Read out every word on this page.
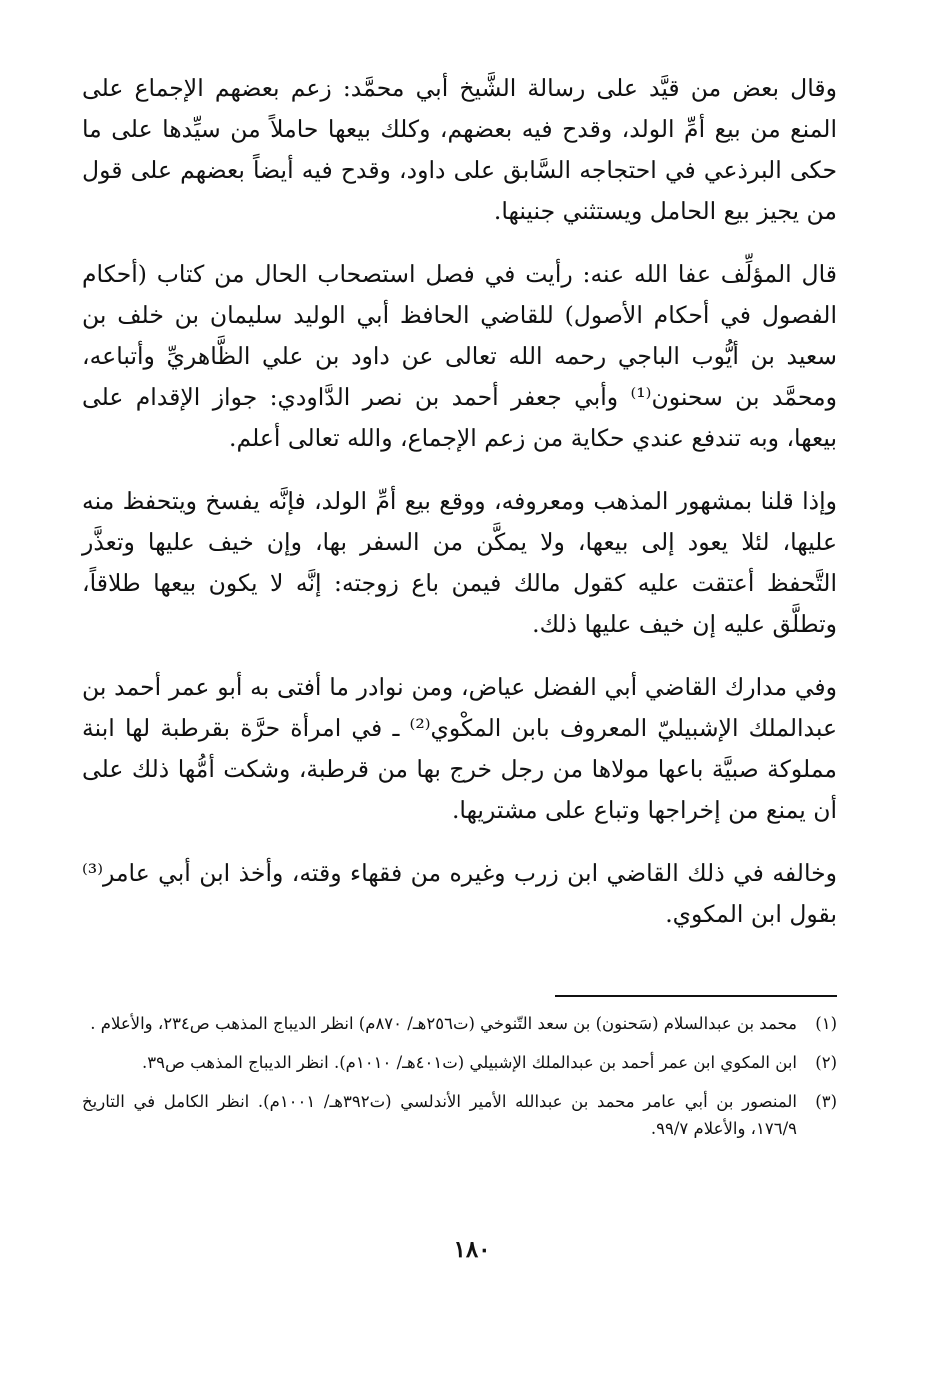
وقال بعض من قيَّد على رسالة الشَّيخ أبي محمَّد: زعم بعضهم الإجماع على المنع من بيع أمِّ الولد، وقدح فيه بعضهم، وكلك بيعها حاملاً من سيِّدها على ما حكى البرذعي في احتجاجه السَّابق على داود، وقدح فيه أيضاً بعضهم على قول من يجيز بيع الحامل ويستثني جنينها.

قال المؤلِّف عفا الله عنه: رأيت في فصل استصحاب الحال من كتاب (أحكام الفصول في أحكام الأصول) للقاضي الحافظ أبي الوليد سليمان بن خلف بن سعيد بن أيُّوب الباجي رحمه الله تعالى عن داود بن علي الظَّاهريِّ وأتباعه، ومحمَّد بن سحنون⁽¹⁾ وأبي جعفر أحمد بن نصر الدَّاودي: جواز الإقدام على بيعها، وبه تندفع عندي حكاية من زعم الإجماع، والله تعالى أعلم.

وإذا قلنا بمشهور المذهب ومعروفه، ووقع بيع أمِّ الولد، فإنَّه يفسخ ويتحفظ منه عليها، لئلا يعود إلى بيعها، ولا يمكَّن من السفر بها، وإن خيف عليها وتعذَّر التَّحفظ أعتقت عليه كقول مالك فيمن باع زوجته: إنَّه لا يكون بيعها طلاقاً، وتطلَّق عليه إن خيف عليها ذلك.

وفي مدارك القاضي أبي الفضل عياض، ومن نوادر ما أفتى به أبو عمر أحمد بن عبدالملك الإشبيليّ المعروف بابن المكْوي⁽²⁾ ـ في امرأة حرَّة بقرطبة لها ابنة مملوكة صبيَّة باعها مولاها من رجل خرج بها من قرطبة، وشكت أمُّها ذلك على أن يمنع من إخراجها وتباع على مشتريها.

وخالفه في ذلك القاضي ابن زرب وغيره من فقهاء وقته، وأخذ ابن أبي عامر⁽³⁾ بقول ابن المكوي.

(١)
محمد بن عبدالسلام (سَحنون) بن سعد التّنوخي (ت٢٥٦هـ/ ٨٧٠م) انظر الديباج المذهب ص٢٣٤، والأعلام .
(٢)
ابن المكوي ابن عمر أحمد بن عبدالملك الإشبيلي (ت٤٠١هـ/ ١٠١٠م). انظر الديباج المذهب ص٣٩.
(٣)
المنصور بن أبي عامر محمد بن عبدالله الأمير الأندلسي (ت٣٩٢هـ/ ١٠٠١م). انظر الكامل في التاريخ ١٧٦/٩، والأعلام ٩٩/٧.
١٨٠
